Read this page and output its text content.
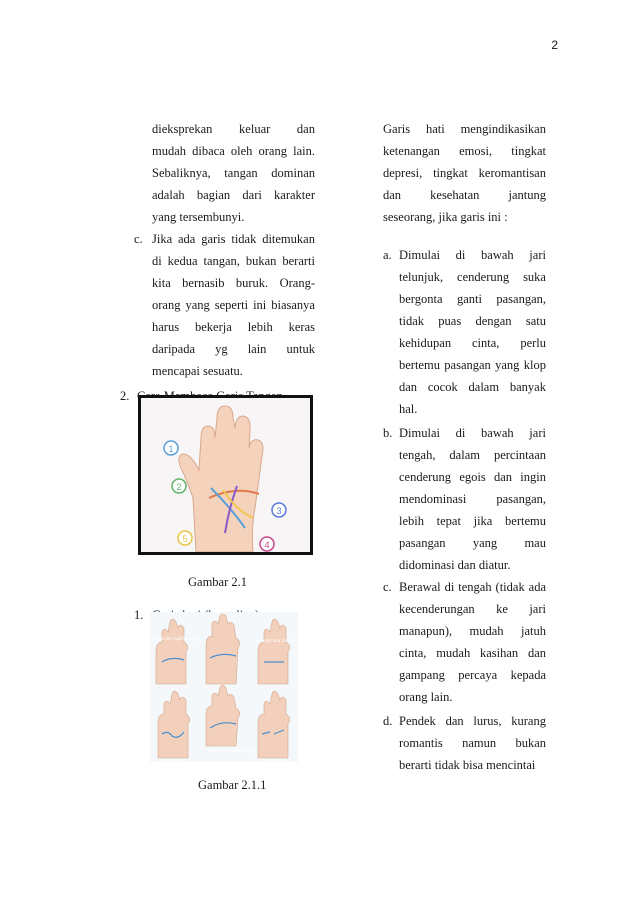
2
dieksprekan keluar dan
mudah dibaca oleh orang lain.
Sebaliknya, tangan dominan
adalah bagian dari karakter
yang tersembunyi.
c. Jika ada garis tidak ditemukan
di kedua tangan, bukan berarti
kita bernasib buruk. Orang-
orang yang seperti ini biasanya
harus bekerja lebih keras
daripada yg lain untuk
mencapai sesuatu.
2.
2
1
3
4
5
Gambar 2.1
1.
Below the middle Finger	Straight and short
Below the Index Finger
Wavy Line	Broken Line
Gambar 2.1.1
Garis hati mengindikasikan
ketenangan emosi, tingkat
depresi, tingkat keromantisan
dan kesehatan jantung
seseorang, jika garis ini :
a. Dimulai di bawah jari
telunjuk, cenderung suka
bergonta ganti pasangan,
tidak puas dengan satu
kehidupan cinta, perlu
bertemu pasangan yang klop
dan cocok dalam banyak
hal.
b. Dimulai di bawah jari
tengah, dalam percintaan
cenderung egois dan ingin
mendominasi pasangan,
lebih tepat jika bertemu
pasangan yang mau
didominasi dan diatur.
c. Berawal di tengah (tidak ada
kecenderungan ke jari
manapun), mudah jatuh
cinta, mudah kasihan dan
gampang percaya kepada
orang lain.
d. Pendek dan lurus, kurang
romantis namun bukan
berarti tidak bisa mencintai
